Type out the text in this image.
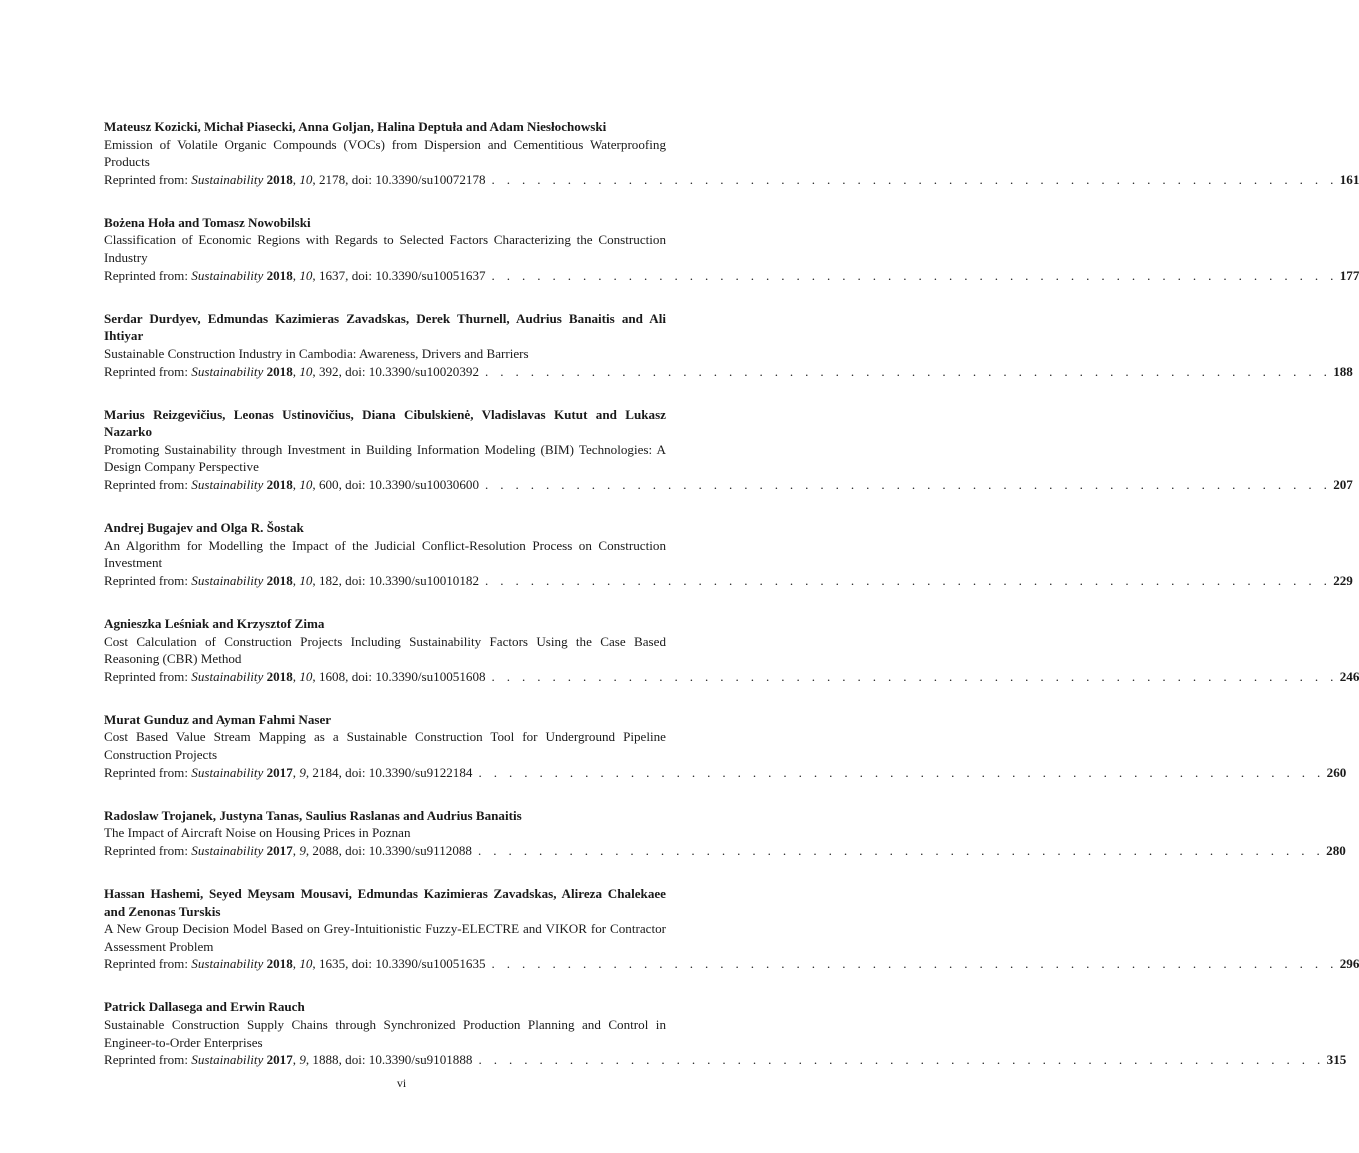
Mateusz Kozicki, Michał Piasecki, Anna Goljan, Halina Deptuła and Adam Niesłochowski
Emission of Volatile Organic Compounds (VOCs) from Dispersion and Cementitious Waterproofing Products
Reprinted from: Sustainability 2018, 10, 2178, doi: 10.3390/su10072178 . . . . . . . . . . . . . . . . . . . . . . . . . . . . . . . . . . . . . . . . . . . . . . . . . . . . . . . . 161
Bożena Hoła and Tomasz Nowobilski
Classification of Economic Regions with Regards to Selected Factors Characterizing the Construction Industry
Reprinted from: Sustainability 2018, 10, 1637, doi: 10.3390/su10051637 . . . . . . . . . . . . . . . . . . . . . . . . . . . . . . . . . . . . . . . . . . . . . . . . . . . . . . . . 177
Serdar Durdyev, Edmundas Kazimieras Zavadskas, Derek Thurnell, Audrius Banaitis and Ali Ihtiyar
Sustainable Construction Industry in Cambodia: Awareness, Drivers and Barriers
Reprinted from: Sustainability 2018, 10, 392, doi: 10.3390/su10020392 . . . . . . . . . . . . . . . . . . . . . . . . . . . . . . . . . . . . . . . . . . . . . . . . . . . . . . . . 188
Marius Reizgevičius, Leonas Ustinovičius, Diana Cibulskienė, Vladislavas Kutut and Lukasz Nazarko
Promoting Sustainability through Investment in Building Information Modeling (BIM) Technologies: A Design Company Perspective
Reprinted from: Sustainability 2018, 10, 600, doi: 10.3390/su10030600 . . . . . . . . . . . . . . . . . . . . . . . . . . . . . . . . . . . . . . . . . . . . . . . . . . . . . . . . 207
Andrej Bugajev and Olga R. Šostak
An Algorithm for Modelling the Impact of the Judicial Conflict-Resolution Process on Construction Investment
Reprinted from: Sustainability 2018, 10, 182, doi: 10.3390/su10010182 . . . . . . . . . . . . . . . . . . . . . . . . . . . . . . . . . . . . . . . . . . . . . . . . . . . . . . . . 229
Agnieszka Leśniak and Krzysztof Zima
Cost Calculation of Construction Projects Including Sustainability Factors Using the Case Based Reasoning (CBR) Method
Reprinted from: Sustainability 2018, 10, 1608, doi: 10.3390/su10051608 . . . . . . . . . . . . . . . . . . . . . . . . . . . . . . . . . . . . . . . . . . . . . . . . . . . . . . . . 246
Murat Gunduz and Ayman Fahmi Naser
Cost Based Value Stream Mapping as a Sustainable Construction Tool for Underground Pipeline Construction Projects
Reprinted from: Sustainability 2017, 9, 2184, doi: 10.3390/su9122184 . . . . . . . . . . . . . . . . . . . . . . . . . . . . . . . . . . . . . . . . . . . . . . . . . . . . . . . . 260
Radoslaw Trojanek, Justyna Tanas, Saulius Raslanas and Audrius Banaitis
The Impact of Aircraft Noise on Housing Prices in Poznan
Reprinted from: Sustainability 2017, 9, 2088, doi: 10.3390/su9112088 . . . . . . . . . . . . . . . . . . . . . . . . . . . . . . . . . . . . . . . . . . . . . . . . . . . . . . . . 280
Hassan Hashemi, Seyed Meysam Mousavi, Edmundas Kazimieras Zavadskas, Alireza Chalekaee and Zenonas Turskis
A New Group Decision Model Based on Grey-Intuitionistic Fuzzy-ELECTRE and VIKOR for Contractor Assessment Problem
Reprinted from: Sustainability 2018, 10, 1635, doi: 10.3390/su10051635 . . . . . . . . . . . . . . . . . . . . . . . . . . . . . . . . . . . . . . . . . . . . . . . . . . . . . . . . 296
Patrick Dallasega and Erwin Rauch
Sustainable Construction Supply Chains through Synchronized Production Planning and Control in Engineer-to-Order Enterprises
Reprinted from: Sustainability 2017, 9, 1888, doi: 10.3390/su9101888 . . . . . . . . . . . . . . . . . . . . . . . . . . . . . . . . . . . . . . . . . . . . . . . . . . . . . . . . 315
vi
